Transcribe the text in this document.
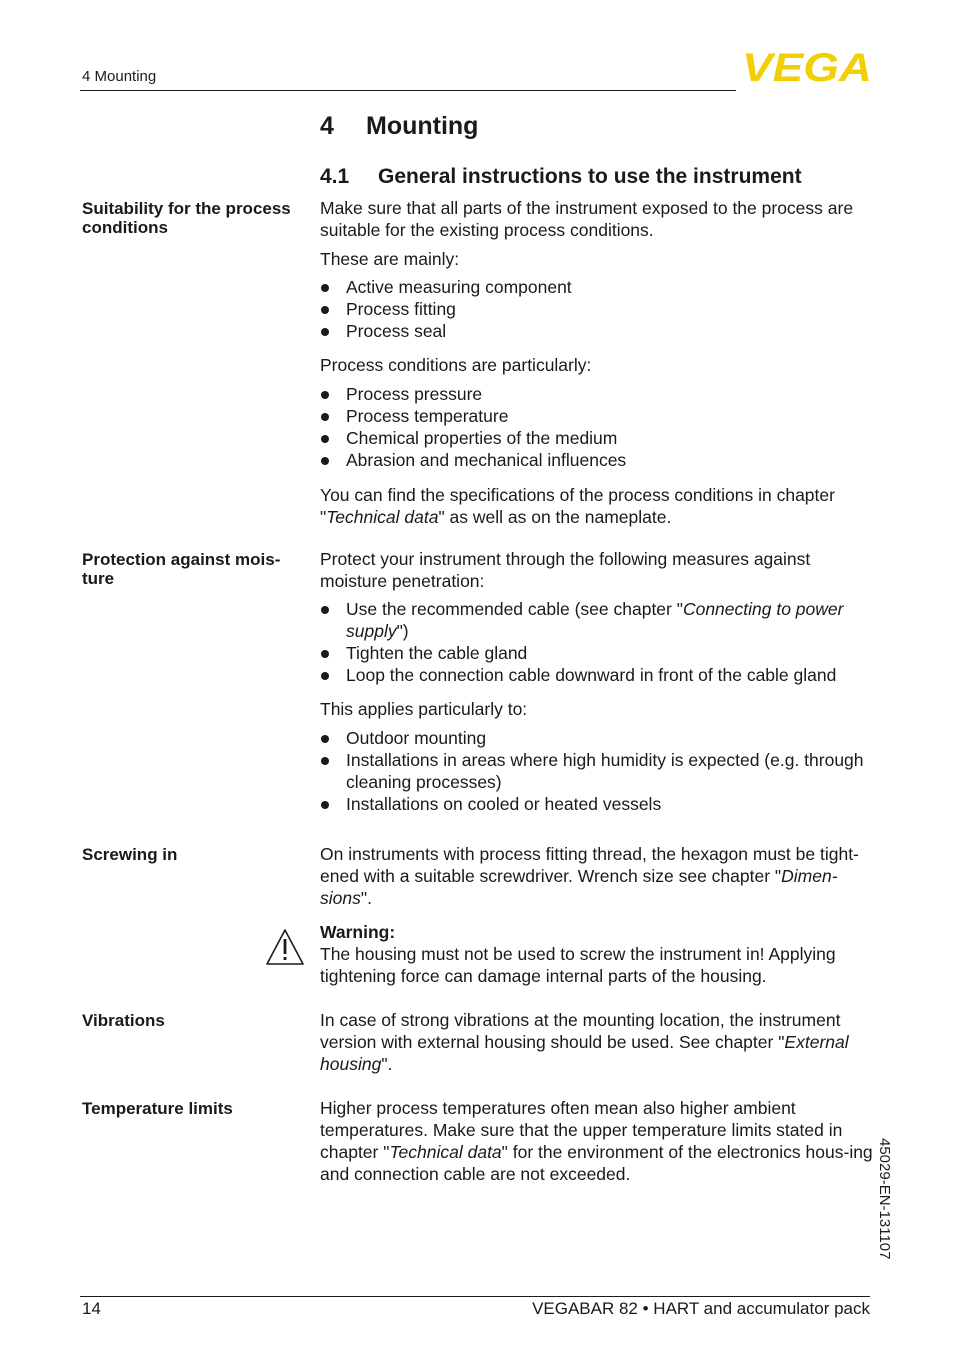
4 Mounting	VEGA
4 Mounting
4.1 General instructions to use the instrument
Suitability for the process conditions

Make sure that all parts of the instrument exposed to the process are suitable for the existing process conditions.

These are mainly:

Active measuring component
Process fitting
Process seal

Process conditions are particularly:

Process pressure
Process temperature
Chemical properties of the medium
Abrasion and mechanical influences

You can find the specifications of the process conditions in chapter "Technical data" as well as on the nameplate.

Protection against mois-
ture

Protect your instrument through the following measures against moisture penetration:

Use the recommended cable (see chapter "Connecting to power supply")
Tighten the cable gland
Loop the connection cable downward in front of the cable gland

This applies particularly to:

Outdoor mounting
Installations in areas where high humidity is expected (e.g. through cleaning processes)
Installations on cooled or heated vessels
Screwing in	On instruments with process fitting thread, the hexagon must be tight-ened with a suitable screwdriver. Wrench size see chapter "Dimen-sions".

Warning:

The housing must not be used to screw the instrument in! Applying tightening force can damage internal parts of the housing.

Vibrations	In case of strong vibrations at the mounting location, the instrument version with external housing should be used. See chapter "External housing".

Temperature limits	Higher process temperatures often mean also higher ambient temperatures. Make sure that the upper temperature limits stated in chapter "Technical data" for the environment of the electronics hous-ing and connection cable are not exceeded.	45029-EN-131107
14	VEGABAR 82 • HART and accumulator pack
